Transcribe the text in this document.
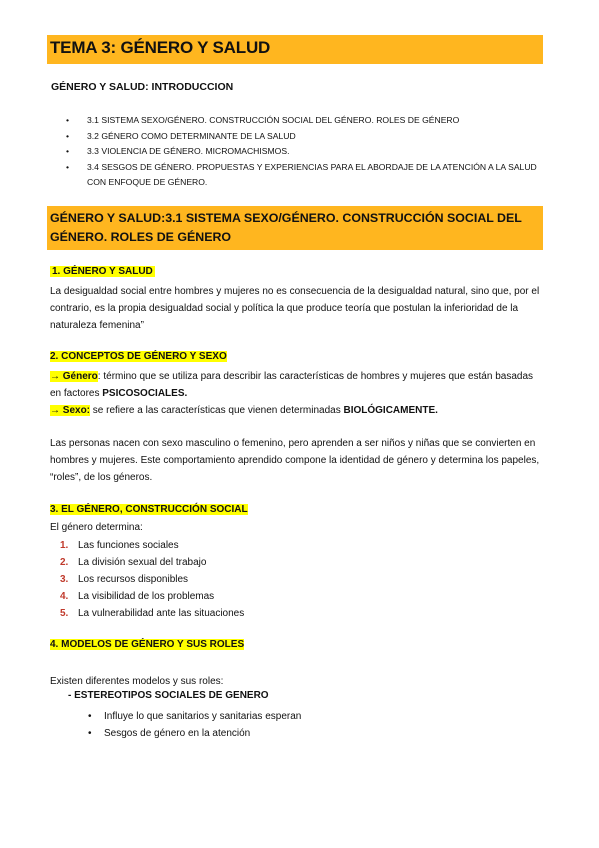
TEMA 3: GÉNERO Y SALUD
GÉNERO Y SALUD: INTRODUCCION
• 3.1 SISTEMA SEXO/GÉNERO. CONSTRUCCIÓN SOCIAL DEL GÉNERO. ROLES DE GÉNERO
• 3.2 GÉNERO COMO DETERMINANTE DE LA SALUD
• 3.3 VIOLENCIA DE GÉNERO. MICROMACHISMOS.
• 3.4 SESGOS DE GÉNERO. PROPUESTAS Y EXPERIENCIAS PARA EL ABORDAJE DE LA ATENCIÓN A LA SALUD CON ENFOQUE DE GÉNERO.
GÉNERO Y SALUD:3.1 SISTEMA SEXO/GÉNERO. CONSTRUCCIÓN SOCIAL DEL GÉNERO. ROLES DE GÉNERO
1. GÉNERO Y SALUD
La desigualdad social entre hombres y mujeres no es consecuencia de la desigualdad natural, sino que, por el contrario, es la propia desigualdad social y política la que produce teoría que postulan la inferioridad de la naturaleza femenina”
2. CONCEPTOS DE GÉNERO Y SEXO
→ Género: término que se utiliza para describir las características de hombres y mujeres que están basadas en factores PSICOSOCIALES.
→ Sexo: se refiere a las características que vienen determinadas BIOLÓGICAMENTE.
Las personas nacen con sexo masculino o femenino, pero aprenden a ser niños y niñas que se convierten en hombres y mujeres. Este comportamiento aprendido compone la identidad de género y determina los papeles, “roles”, de los géneros.
3. EL GÉNERO, CONSTRUCCIÓN SOCIAL
El género determina:
1. Las funciones sociales
2. La división sexual del trabajo
3. Los recursos disponibles
4. La visibilidad de los problemas
5. La vulnerabilidad ante las situaciones
4. MODELOS DE GÉNERO Y SUS ROLES
Existen diferentes modelos y sus roles:
- ESTEREOTIPOS SOCIALES DE GENERO
• Influye lo que sanitarios y sanitarias esperan
• Sesgos de género en la atención
